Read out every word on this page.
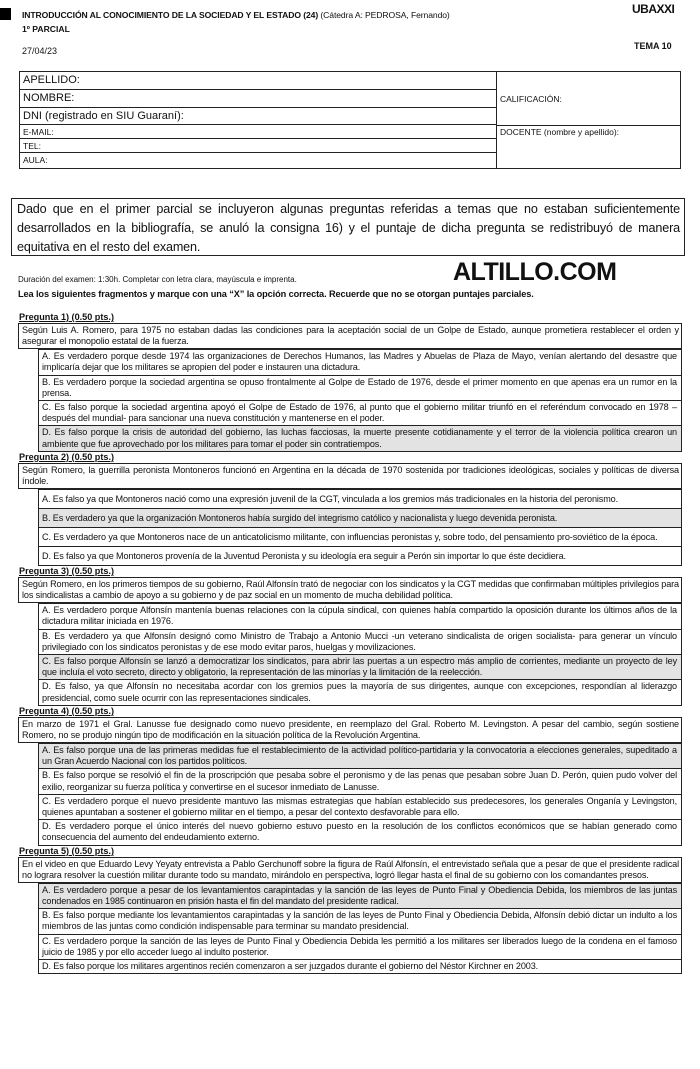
INTRODUCCIÓN AL CONOCIMIENTO DE LA SOCIEDAD Y EL ESTADO (24) (Cátedra A: PEDROSA, Fernando)
1º PARCIAL
UBAXXI
27/04/23	TEMA 10
APELLIDO:
NOMBRE:
DNI (registrado en SIU Guaraní):
E-MAIL:
TEL:
AULA:
CALIFICACIÓN:
DOCENTE (nombre y apellido):
Dado que en el primer parcial se incluyeron algunas preguntas referidas a temas que no estaban suficientemente desarrollados en la bibliografía, se anuló la consigna 16) y el puntaje de dicha pregunta se redistribuyó de manera equitativa en el resto del examen.
Duración del examen: 1:30h. Completar con letra clara, mayúscula e imprenta.	ALTILLO.COM
Lea los siguientes fragmentos y marque con una “X” la opción correcta. Recuerde que no se otorgan puntajes parciales.
Pregunta 1) (0.50 pts.)
Según Luis A. Romero, para 1975 no estaban dadas las condiciones para la aceptación social de un Golpe de Estado, aunque prometiera restablecer el orden y asegurar el monopolio estatal de la fuerza.
A. Es verdadero porque desde 1974 las organizaciones de Derechos Humanos, las Madres y Abuelas de Plaza de Mayo, venían alertando del desastre que implicaría dejar que los militares se apropien del poder e instauren una dictadura.
B. Es verdadero porque la sociedad argentina se opuso frontalmente al Golpe de Estado de 1976, desde el primer momento en que apenas era un rumor en la prensa.
C. Es falso porque la sociedad argentina apoyó el Golpe de Estado de 1976, al punto que el gobierno militar triunfó en el referéndum convocado en 1978 –después del mundial- para sancionar una nueva constitución y mantenerse en el poder.
D. Es falso porque la crisis de autoridad del gobierno, las luchas facciosas, la muerte presente cotidianamente y el terror de la violencia política crearon un ambiente que fue aprovechado por los militares para tomar el poder sin contratiempos.
Pregunta 2) (0.50 pts.)
Según Romero, la guerrilla peronista Montoneros funcionó en Argentina en la década de 1970 sostenida por tradiciones ideológicas, sociales y políticas de diversa índole.
A. Es falso ya que Montoneros nació como una expresión juvenil de la CGT, vinculada a los gremios más tradicionales en la historia del peronismo.
B. Es verdadero ya que la organización Montoneros había surgido del integrismo católico y nacionalista y luego devenida peronista.
C. Es verdadero ya que Montoneros nace de un anticatolicismo militante, con influencias peronistas y, sobre todo, del pensamiento pro-soviético de la época.
D. Es falso ya que Montoneros provenía de la Juventud Peronista y su ideología era seguir a Perón sin importar lo que éste decidiera.
Pregunta 3) (0.50 pts.)
Según Romero, en los primeros tiempos de su gobierno, Raúl Alfonsín trató de negociar con los sindicatos y la CGT medidas que confirmaban múltiples privilegios para los sindicalistas a cambio de apoyo a su gobierno y de paz social en un momento de mucha debilidad política.
A. Es verdadero porque Alfonsín mantenía buenas relaciones con la cúpula sindical, con quienes había compartido la oposición durante los últimos años de la dictadura militar iniciada en 1976.
B. Es verdadero ya que Alfonsín designó como Ministro de Trabajo a Antonio Mucci -un veterano sindicalista de origen socialista- para generar un vínculo privilegiado con los sindicatos peronistas y de ese modo evitar paros, huelgas y movilizaciones.
C. Es falso porque Alfonsín se lanzó a democratizar los sindicatos, para abrir las puertas a un espectro más amplio de corrientes, mediante un proyecto de ley que incluía el voto secreto, directo y obligatorio, la representación de las minorías y la limitación de la reelección.
D. Es falso, ya que Alfonsín no necesitaba acordar con los gremios pues la mayoría de sus dirigentes, aunque con excepciones, respondían al liderazgo presidencial, como suele ocurrir con las representaciones sindicales.
Pregunta 4) (0.50 pts.)
En marzo de 1971 el Gral. Lanusse fue designado como nuevo presidente, en reemplazo del Gral. Roberto M. Levingston. A pesar del cambio, según sostiene Romero, no se produjo ningún tipo de modificación en la situación política de la Revolución Argentina.
A. Es falso porque una de las primeras medidas fue el restablecimiento de la actividad político-partidaria y la convocatoria a elecciones generales, supeditado a un Gran Acuerdo Nacional con los partidos políticos.
B. Es falso porque se resolvió el fin de la proscripción que pesaba sobre el peronismo y de las penas que pesaban sobre Juan D. Perón, quien pudo volver del exilio, reorganizar su fuerza política y convertirse en el sucesor inmediato de Lanusse.
C. Es verdadero porque el nuevo presidente mantuvo las mismas estrategias que habían establecido sus predecesores, los generales Onganía y Levingston, quienes apuntaban a sostener el gobierno militar en el tiempo, a pesar del contexto desfavorable para ello.
D. Es verdadero porque el único interés del nuevo gobierno estuvo puesto en la resolución de los conflictos económicos que se habían generado como consecuencia del aumento del endeudamiento externo.
Pregunta 5) (0.50 pts.)
En el video en que Eduardo Levy Yeyaty entrevista a Pablo Gerchunoff sobre la figura de Raúl Alfonsín, el entrevistado señala que a pesar de que el presidente radical no lograra resolver la cuestión militar durante todo su mandato, mirándolo en perspectiva, logró llegar hasta el final de su gobierno con los comandantes presos.
A. Es verdadero porque a pesar de los levantamientos carapintadas y la sanción de las leyes de Punto Final y Obediencia Debida, los miembros de las juntas condenados en 1985 continuaron en prisión hasta el fin del mandato del presidente radical.
B. Es falso porque mediante los levantamientos carapintadas y la sanción de las leyes de Punto Final y Obediencia Debida, Alfonsín debió dictar un indulto a los miembros de las juntas como condición indispensable para terminar su mandato presidencial.
C. Es verdadero porque la sanción de las leyes de Punto Final y Obediencia Debida les permitió a los militares ser liberados luego de la condena en el famoso juicio de 1985 y por ello acceder luego al indulto posterior.
D. Es falso porque los militares argentinos recién comenzaron a ser juzgados durante el gobierno del Néstor Kirchner en 2003.
